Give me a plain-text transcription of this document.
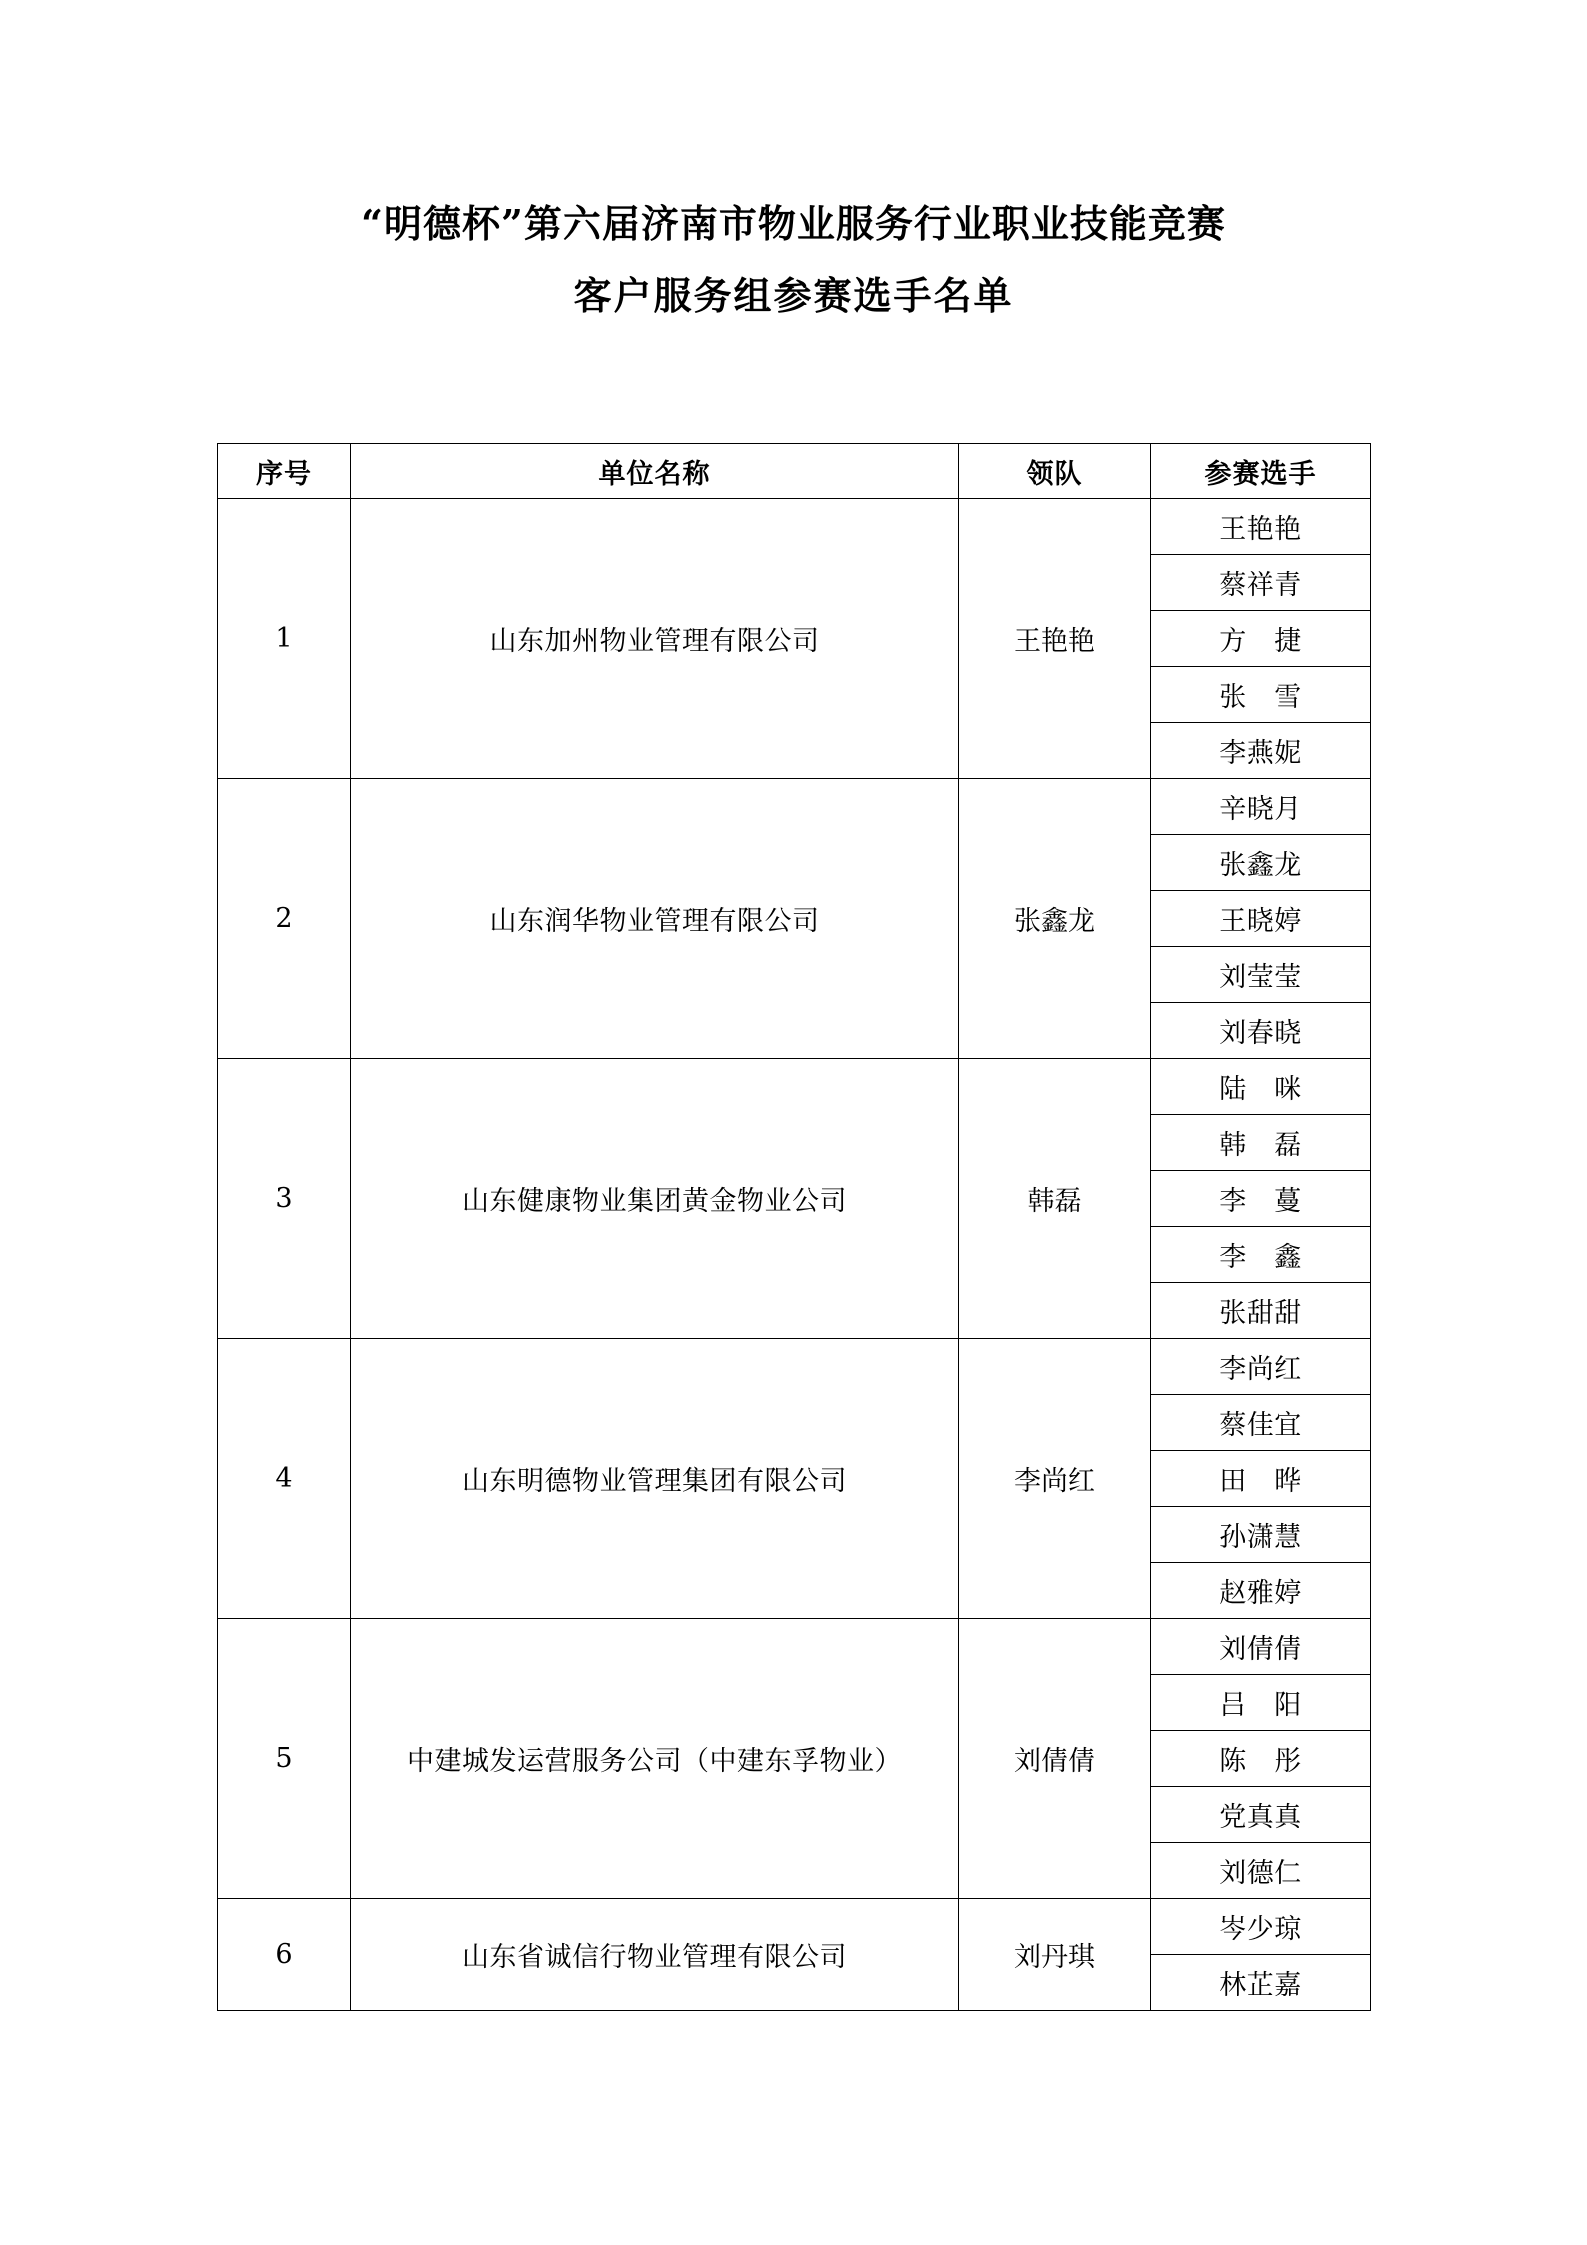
“明德杯”第六届济南市物业服务行业职业技能竞赛
客户服务组参赛选手名单
序号	单位名称	领队	参赛选手
1	山东加州物业管理有限公司	王艳艳	王艳艳
			蔡祥青
			方　捷
			张　雪
			李燕妮
2	山东润华物业管理有限公司	张鑫龙	辛晓月
			张鑫龙
			王晓婷
			刘莹莹
			刘春晓
3	山东健康物业集团黄金物业公司	韩磊	陆　咪
			韩　磊
			李　蔓
			李　鑫
			张甜甜
4	山东明德物业管理集团有限公司	李尚红	李尚红
			蔡佳宜
			田　晔
			孙潇慧
			赵雅婷
5	中建城发运营服务公司（中建东孚物业）	刘倩倩	刘倩倩
			吕　阳
			陈　彤
			党真真
			刘德仁
6	山东省诚信行物业管理有限公司	刘丹琪	岑少琼
			林芷嘉
